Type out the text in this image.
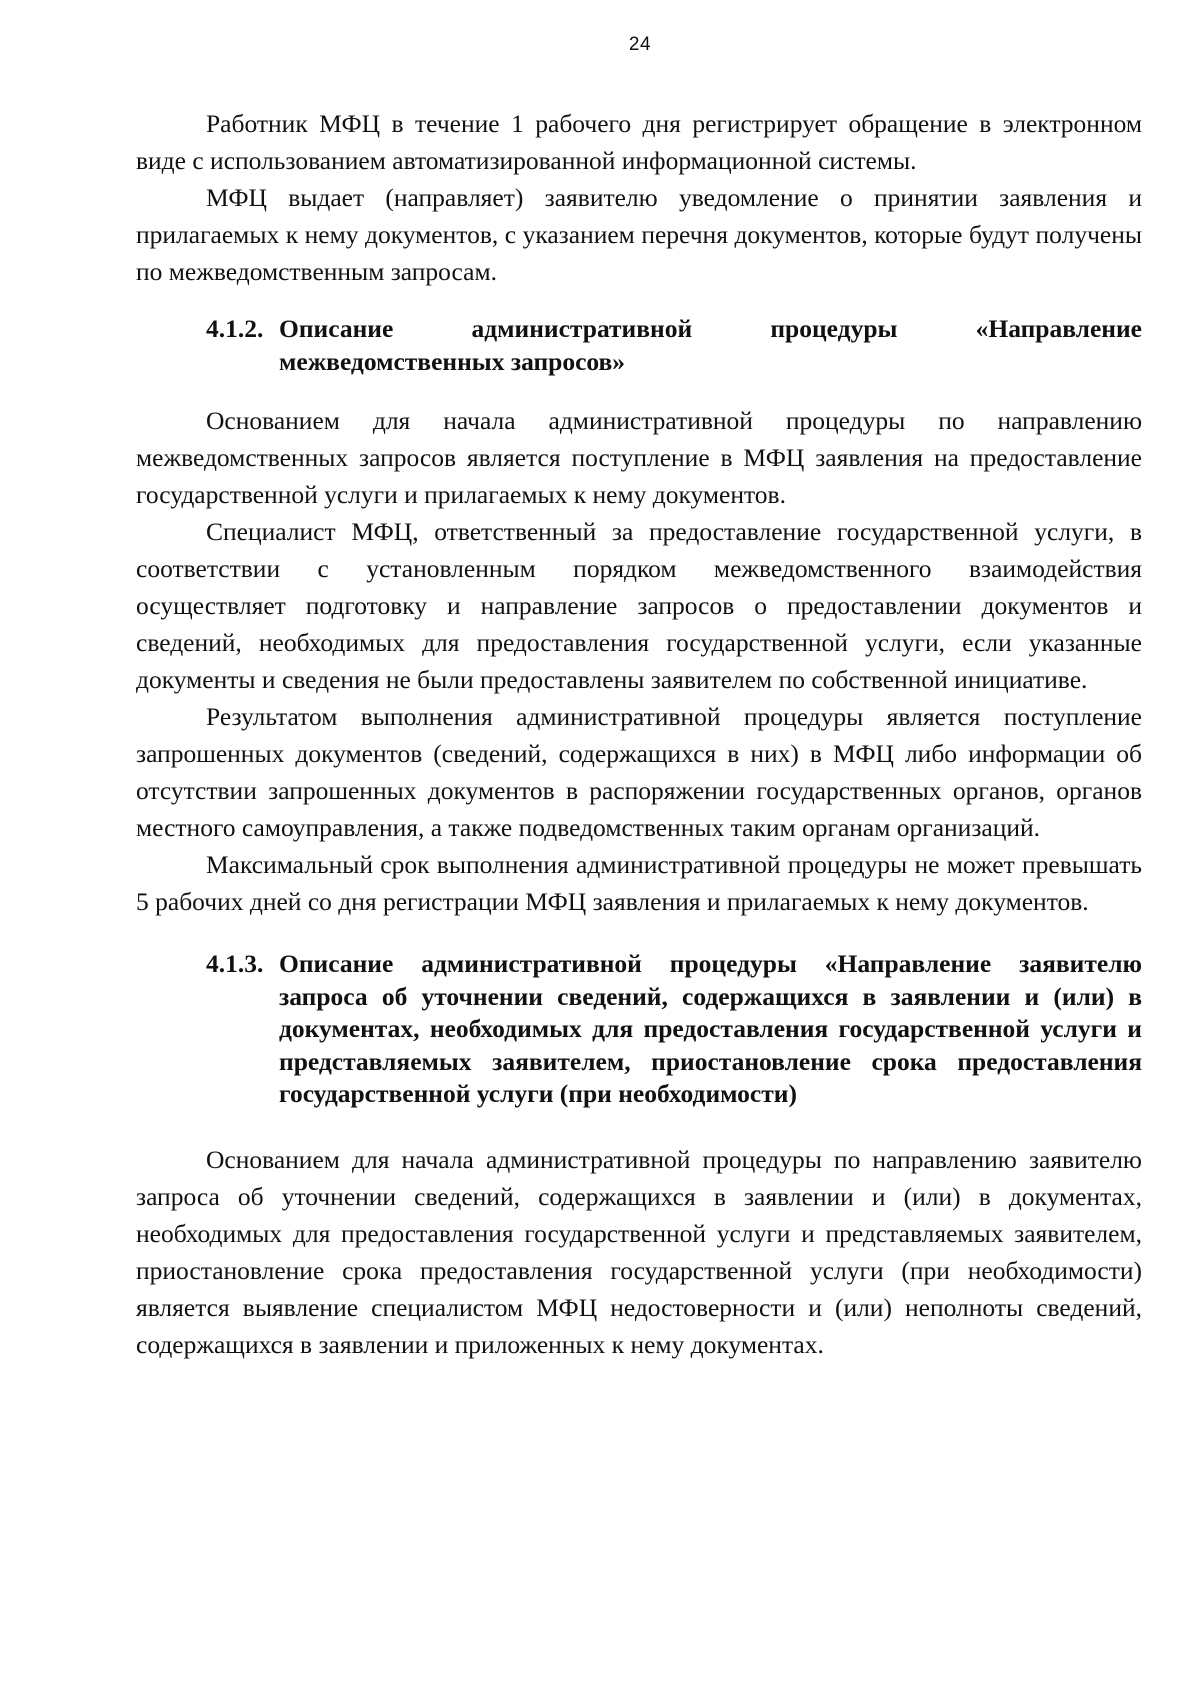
24

Работник МФЦ в течение 1 рабочего дня регистрирует обращение в электронном виде с использованием автоматизированной информационной системы.

МФЦ выдает (направляет) заявителю уведомление о принятии заявления и прилагаемых к нему документов, с указанием перечня документов, которые будут получены по межведомственным запросам.

4.1.2. Описание административной процедуры «Направление межведомственных запросов»

Основанием для начала административной процедуры по направлению межведомственных запросов является поступление в МФЦ заявления на предоставление государственной услуги и прилагаемых к нему документов.

Специалист МФЦ, ответственный за предоставление государственной услуги, в соответствии с установленным порядком межведомственного взаимодействия осуществляет подготовку и направление запросов о предоставлении документов и сведений, необходимых для предоставления государственной услуги, если указанные документы и сведения не были предоставлены заявителем по собственной инициативе.

Результатом выполнения административной процедуры является поступление запрошенных документов (сведений, содержащихся в них) в МФЦ либо информации об отсутствии запрошенных документов в распоряжении государственных органов, органов местного самоуправления, а также подведомственных таким органам организаций.

Максимальный срок выполнения административной процедуры не может превышать 5 рабочих дней со дня регистрации МФЦ заявления и прилагаемых к нему документов.

4.1.3. Описание административной процедуры «Направление заявителю запроса об уточнении сведений, содержащихся в заявлении и (или) в документах, необходимых для предоставления государственной услуги и представляемых заявителем, приостановление срока предоставления государственной услуги (при необходимости)

Основанием для начала административной процедуры по направлению заявителю запроса об уточнении сведений, содержащихся в заявлении и (или) в документах, необходимых для предоставления государственной услуги и представляемых заявителем, приостановление срока предоставления государственной услуги (при необходимости) является выявление специалистом МФЦ недостоверности и (или) неполноты сведений, содержащихся в заявлении и приложенных к нему документах.
